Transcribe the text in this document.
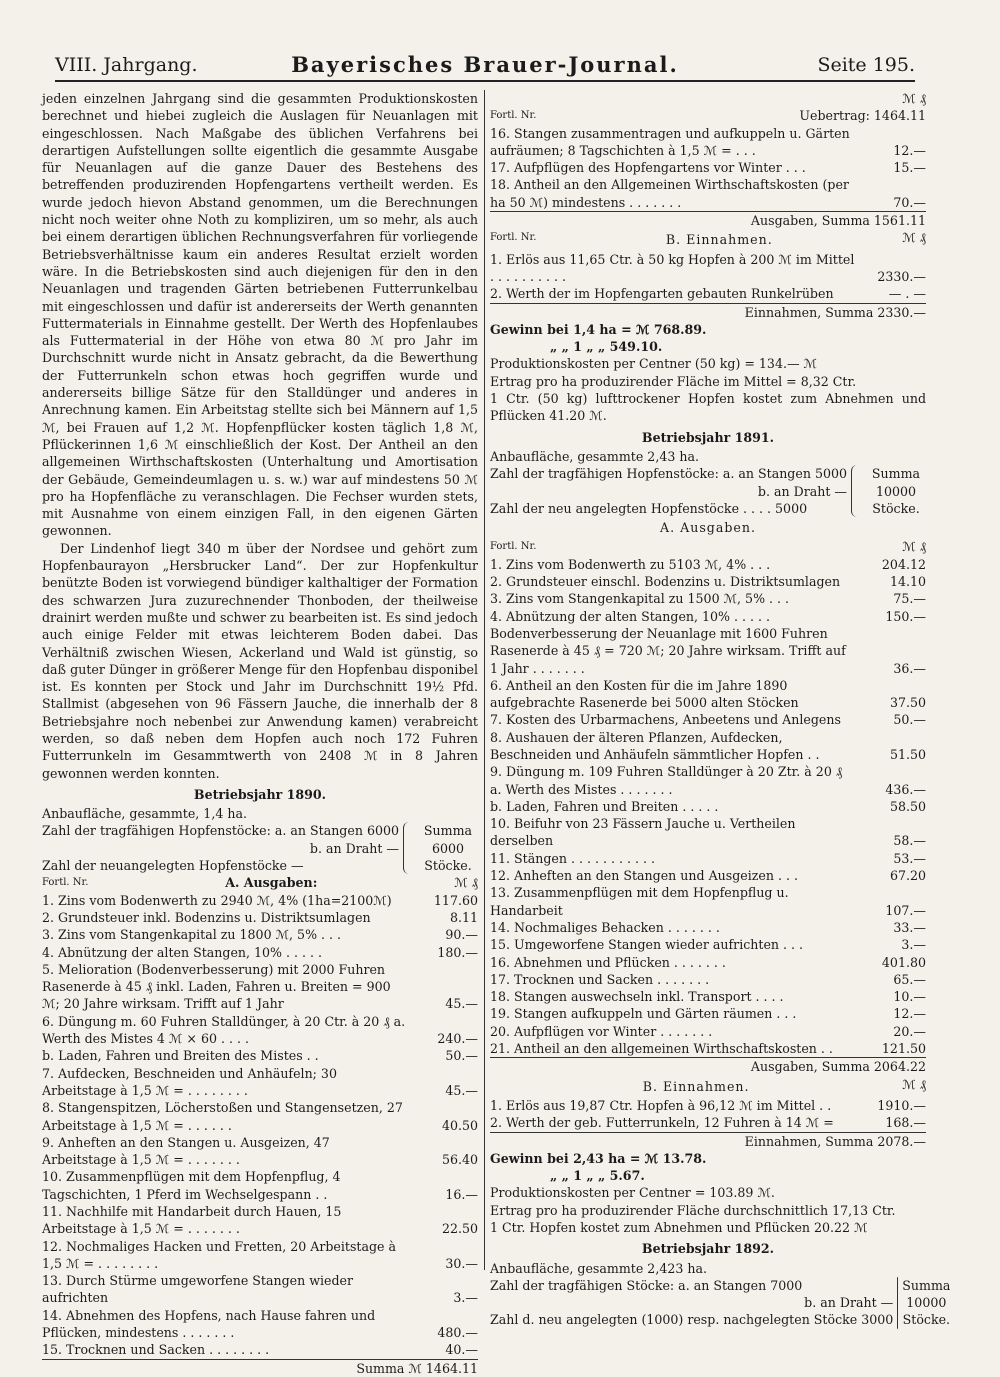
VIII. Jahrgang.	Bayerisches Brauer-Journal.	Seite 195.

jeden einzelnen Jahrgang sind die gesammten Produktionskosten berechnet und hiebei zugleich die Auslagen für Neuanlagen mit eingeschlossen. Nach Maßgabe des üblichen Verfahrens bei derartigen Aufstellungen sollte eigentlich die gesammte Ausgabe für Neuanlagen auf die ganze Dauer des Bestehens des betreffenden produzirenden Hopfengartens vertheilt werden. Es wurde jedoch hievon Abstand genommen, um die Berechnungen nicht noch weiter ohne Noth zu kompliziren, um so mehr, als auch bei einem derartigen üblichen Rechnungsverfahren für vorliegende Betriebsverhältnisse kaum ein anderes Resultat erzielt worden wäre. In die Betriebskosten sind auch diejenigen für den in den Neuanlagen und tragenden Gärten betriebenen Futterrunkelbau mit eingeschlossen und dafür ist andererseits der Werth genannten Futtermaterials in Einnahme gestellt. Der Werth des Hopfenlaubes als Futtermaterial in der Höhe von etwa 80 ℳ pro Jahr im Durchschnitt wurde nicht in Ansatz gebracht, da die Bewerthung der Futterrunkeln schon etwas hoch gegriffen wurde und andererseits billige Sätze für den Stalldünger und anderes in Anrechnung kamen. Ein Arbeitstag stellte sich bei Männern auf 1,5 ℳ, bei Frauen auf 1,2 ℳ. Hopfenpflücker kosten täglich 1,8 ℳ, Pflückerinnen 1,6 ℳ einschließlich der Kost. Der Antheil an den allgemeinen Wirthschaftskosten (Unterhaltung und Amortisation der Gebäude, Gemeindeumlagen u. s. w.) war auf mindestens 50 ℳ pro ha Hopfenfläche zu veranschlagen. Die Fechser wurden stets, mit Ausnahme von einem einzigen Fall, in den eigenen Gärten gewonnen.

Der Lindenhof liegt 340 m über der Nordsee und gehört zum Hopfenbaurayon „Hersbrucker Land“. Der zur Hopfenkultur benützte Boden ist vorwiegend bündiger kalthaltiger der Formation des schwarzen Jura zuzurechnender Thonboden, der theilweise drainirt werden mußte und schwer zu bearbeiten ist. Es sind jedoch auch einige Felder mit etwas leichterem Boden dabei. Das Verhältniß zwischen Wiesen, Ackerland und Wald ist günstig, so daß guter Dünger in größerer Menge für den Hopfenbau disponibel ist. Es konnten per Stock und Jahr im Durchschnitt 19½ Pfd. Stallmist (abgesehen von 96 Fässern Jauche, die innerhalb der 8 Betriebsjahre noch nebenbei zur Anwendung kamen) verabreicht werden, so daß neben dem Hopfen auch noch 172 Fuhren Futterrunkeln im Gesammtwerth von 2408 ℳ in 8 Jahren gewonnen werden konnten.

Betriebsjahr 1890.
Anbaufläche, gesammte, 1,4 ha.
Zahl der tragfähigen Hopfenstöcke: a. an Stangen 6000
b. an Draht —
Zahl der neuangelegten Hopfenstöcke —
Summa
6000
Stöcke.
Fortl. Nr.	A. Ausgaben:	ℳ ₰
1. Zins vom Bodenwerth zu 2940 ℳ, 4% (1ha=2100ℳ)	117.60
2. Grundsteuer inkl. Bodenzins u. Distriktsumlagen	8.11
3. Zins vom Stangenkapital zu 1800 ℳ, 5% . . .	90.—
4. Abnützung der alten Stangen, 10% . . . . .	180.—
5. Melioration (Bodenverbesserung) mit 2000 Fuhren Rasenerde à 45 ₰ inkl. Laden, Fahren u. Breiten = 900 ℳ; 20 Jahre wirksam. Trifft auf 1 Jahr	45.—
6. Düngung m. 60 Fuhren Stalldünger, à 20 Ctr. à 20 ₰ a. Werth des Mistes 4 ℳ × 60 . . . .	240.—
b. Laden, Fahren und Breiten des Mistes . .	50.—
7. Aufdecken, Beschneiden und Anhäufeln; 30 Arbeitstage à 1,5 ℳ = . . . . . . . .	45.—
8. Stangenspitzen, Löcherstoßen und Stangensetzen, 27 Arbeitstage à 1,5 ℳ = . . . . . .	40.50
9. Anheften an den Stangen u. Ausgeizen, 47 Arbeitstage à 1,5 ℳ = . . . . . . .	56.40
10. Zusammenpflügen mit dem Hopfenpflug, 4 Tagschichten, 1 Pferd im Wechselgespann . .	16.—
11. Nachhilfe mit Handarbeit durch Hauen, 15 Arbeitstage à 1,5 ℳ = . . . . . . .	22.50
12. Nochmaliges Hacken und Fretten, 20 Arbeitstage à 1,5 ℳ = . . . . . . . .	30.—
13. Durch Stürme umgeworfene Stangen wieder aufrichten	3.—
14. Abnehmen des Hopfens, nach Hause fahren und Pflücken, mindestens . . . . . . .	480.—
15. Trocknen und Sacken . . . . . . . .	40.—
Summa ℳ 1464.11
ℳ ₰
Fortl. Nr.	Uebertrag: 1464.11
16. Stangen zusammentragen und aufkuppeln u. Gärten aufräumen; 8 Tagschichten à 1,5 ℳ = . . .	12.—
17. Aufpflügen des Hopfengartens vor Winter . . .	15.—
18. Antheil an den Allgemeinen Wirthschaftskosten (per ha 50 ℳ) mindestens . . . . . . .	70.—
Ausgaben, Summa 1561.11
Fortl. Nr.	B. Einnahmen.	ℳ ₰
1. Erlös aus 11,65 Ctr. à 50 kg Hopfen à 200 ℳ im Mittel . . . . . . . . . .	2330.—
2. Werth der im Hopfengarten gebauten Runkelrüben	— . —
Einnahmen, Summa 2330.—
Gewinn bei 1,4 ha = ℳ 768.89.
„ „ 1 „ „ 549.10.
Produktionskosten per Centner (50 kg) = 134.— ℳ
Ertrag pro ha produzirender Fläche im Mittel = 8,32 Ctr.
1 Ctr. (50 kg) lufttrockener Hopfen kostet zum Abnehmen und Pflücken 41.20 ℳ.
Betriebsjahr 1891.
Anbaufläche, gesammte 2,43 ha.
Zahl der tragfähigen Hopfenstöcke: a. an Stangen 5000
b. an Draht —
Zahl der neu angelegten Hopfenstöcke . . . . 5000
Summa
10000
Stöcke.
A. Ausgaben.
Fortl. Nr.	ℳ ₰
1. Zins vom Bodenwerth zu 5103 ℳ, 4% . . .	204.12
2. Grundsteuer einschl. Bodenzins u. Distriktsumlagen	14.10
3. Zins vom Stangenkapital zu 1500 ℳ, 5% . . .	75.—
4. Abnützung der alten Stangen, 10% . . . . .	150.—
Bodenverbesserung der Neuanlage mit 1600 Fuhren Rasenerde à 45 ₰ = 720 ℳ; 20 Jahre wirksam. Trifft auf 1 Jahr . . . . . . .	36.—
6. Antheil an den Kosten für die im Jahre 1890 aufgebrachte Rasenerde bei 5000 alten Stöcken	37.50
7. Kosten des Urbarmachens, Anbeetens und Anlegens	50.—
8. Aushauen der älteren Pflanzen, Aufdecken, Beschneiden und Anhäufeln sämmtlicher Hopfen . .	51.50
9. Düngung m. 109 Fuhren Stalldünger à 20 Ztr. à 20 ₰ a. Werth des Mistes . . . . . . .	436.—
b. Laden, Fahren und Breiten . . . . .	58.50
10. Beifuhr von 23 Fässern Jauche u. Vertheilen derselben	58.—
11. Stängen . . . . . . . . . . .	53.—
12. Anheften an den Stangen und Ausgeizen . . .	67.20
13. Zusammenpflügen mit dem Hopfenpflug u. Handarbeit	107.—
14. Nochmaliges Behacken . . . . . . .	33.—
15. Umgeworfene Stangen wieder aufrichten . . .	3.—
16. Abnehmen und Pflücken . . . . . . .	401.80
17. Trocknen und Sacken . . . . . . .	65.—
18. Stangen auswechseln inkl. Transport . . . .	10.—
19. Stangen aufkuppeln und Gärten räumen . . .	12.—
20. Aufpflügen vor Winter . . . . . . .	20.—
21. Antheil an den allgemeinen Wirthschaftskosten . .	121.50
Ausgaben, Summa 2064.22
B. Einnahmen.	ℳ ₰
1. Erlös aus 19,87 Ctr. Hopfen à 96,12 ℳ im Mittel . .	1910.—
2. Werth der geb. Futterrunkeln, 12 Fuhren à 14 ℳ =	168.—
Einnahmen, Summa 2078.—
Gewinn bei 2,43 ha = ℳ 13.78.
„ „ 1 „ „ 5.67.
Produktionskosten per Centner = 103.89 ℳ.
Ertrag pro ha produzirender Fläche durchschnittlich 17,13 Ctr.
1 Ctr. Hopfen kostet zum Abnehmen und Pflücken 20.22 ℳ
Betriebsjahr 1892.
Anbaufläche, gesammte 2,423 ha.
Zahl der tragfähigen Stöcke: a. an Stangen 7000
b. an Draht —
Zahl d. neu angelegten (1000) resp. nachgelegten Stöcke 3000
Summa
10000
Stöcke.
